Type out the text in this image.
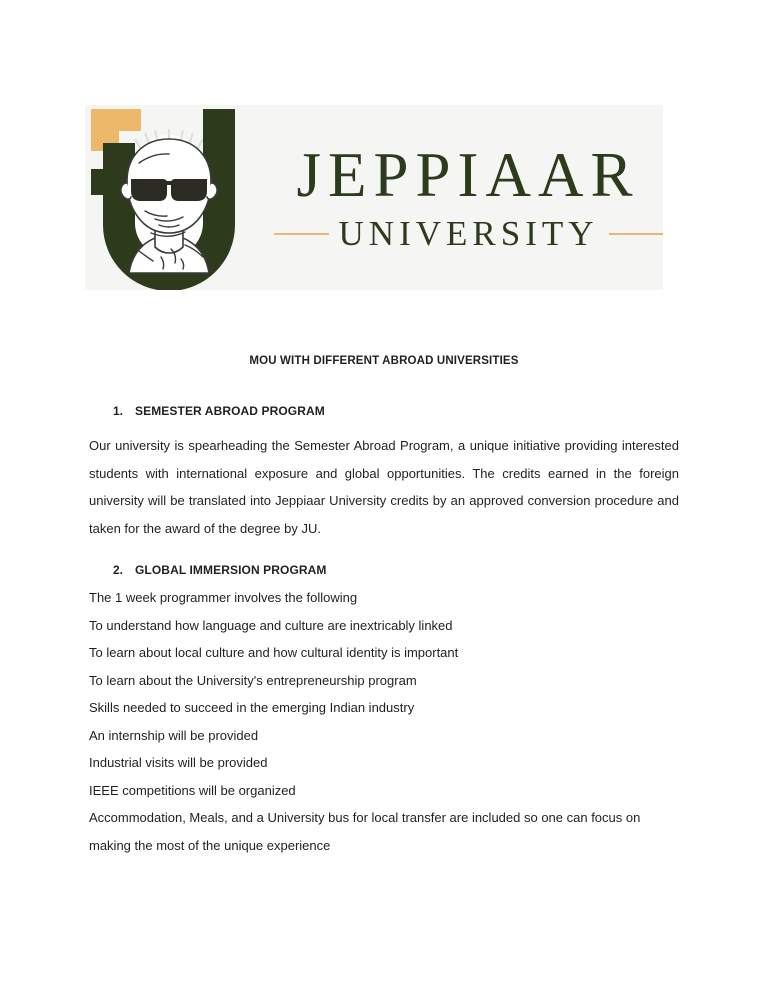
JEPPIAAR
UNIVERSITY
MOU WITH DIFFERENT ABROAD UNIVERSITIES
1. SEMESTER ABROAD PROGRAM

Our university is spearheading the Semester Abroad Program, a unique initiative providing interested students with international exposure and global opportunities. The credits earned in the foreign university will be translated into Jeppiaar University credits by an approved conversion procedure and taken for the award of the degree by JU.

2. GLOBAL IMMERSION PROGRAM
The 1 week programmer involves the following
To understand how language and culture are inextricably linked
To learn about local culture and how cultural identity is important
To learn about the University's entrepreneurship program
Skills needed to succeed in the emerging Indian industry
An internship will be provided
Industrial visits will be provided
IEEE competitions will be organized
Accommodation, Meals, and a University bus for local transfer are included so one can focus on making the most of the unique experience
